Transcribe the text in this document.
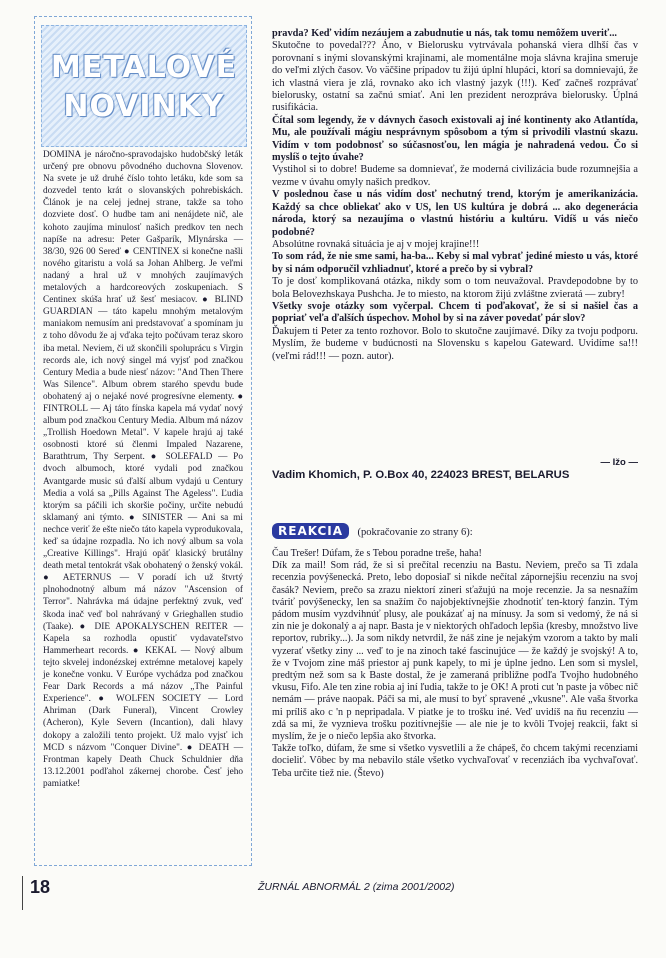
METALOVÉ
NOVINKY
DOMINA je náročno-spravodajsko hudobčský leták určený pre obnovu pôvodného duchovna Slovenov. Na svete je už druhé číslo tohto letáku, kde som sa dozvedel tento krát o slovanských pohrebiskách. Článok je na celej jednej strane, takže sa toho dozviete dosť. O hudbe tam ani nenájdete nič, ale kohoto zaujíma minulosť našich predkov ten nech napíše na adresu: Peter Gašparík, Mlynárska — 38/30, 926 00 Sereď ● CENTINEX si konečne našli nového gitaristu a volá sa Johan Ahlberg. Je veľmi nadaný a hral už v mnohých zaujímavých metalových a hardcoreových zoskupeniach. S Centinex skúša hrať už šesť mesiacov. ● BLIND GUARDIAN — táto kapelu mnohým metalovým maniakom nemusím ani predstavovať a spomínam ju z toho dôvodu že aj vďaka tejto počúvam teraz skoro iba metal. Neviem, či už skončili spoluprácu s Virgin records ale, ich nový singel má vyjsť pod značkou Century Media a bude niesť názov: "And Then There Was Silence". Album obrem starého spevdu bude obohatený aj o nejaké nové progresívne elementy. ● FINTROLL — Aj táto fínska kapela má vydať nový album pod značkou Century Media. Album má názov „Trollish Hoedown Metal". V kapele hrajú aj také osobnosti ktoré sú členmi Impaled Nazarene, Barathtrum, Thy Serpent. ● SOLEFALD — Po dvoch albumoch, ktoré vydali pod značkou Avantgarde music sú ďalší album vydajú u Century Media a volá sa „Pills Against The Ageless". Ľudia ktorým sa páčili ich skoršie počiny, určite nebudú sklamaný ani týmto. ● SINISTER — Ani sa mi nechce veriť že ešte niečo táto kapela vyprodukovala, keď sa údajne rozpadla. No ich nový album sa vola „Creative Killings". Hrajú opäť klasický brutálny death metal tentokrát však obohatený o ženský vokál. ● AETERNUS — V poradí ich už štvrtý plnohodnotný album má názov "Ascension of Terror". Nahrávka má údajne perfektný zvuk, veď škoda inač veď bol nahrávaný v Grieghallen studio (Taake). ● DIE APOKALYSCHEN REITER — Kapela sa rozhodla opustiť vydavateľstvo Hammerheart records. ● KEKAL — Nový album tejto skvelej indonézskej extrémne metalovej kapely je konečne vonku. V Európe vychádza pod značkou Fear Dark Records a má názov „The Painful Experience". ● WOLFEN SOCIETY — Lord Ahriman (Dark Funeral), Vincent Crowley (Acheron), Kyle Severn (Incantion), dali hlavy dokopy a založili tento projekt. Už malo vyjsť ich MCD s názvom "Conquer Divine". ● DEATH — Frontman kapely Death Chuck Schuldnier dňa 13.12.2001 podľahol zákernej chorobe. Česť jeho pamiatke!

pravda? Keď vidím nezáujem a zabudnutie u nás, tak tomu nemôžem uveriť...

Skutočne to povedal??? Áno, v Bielorusku vytrvávala pohanská viera dlhší čas v porovnaní s inými slovanskými krajinami, ale momentálne moja slávna krajina smeruje do veľmi zlých časov. Vo väčšine prípadov tu žijú úplní hlupáci, ktorí sa domnievajú, že ich vlastná viera je zlá, rovnako ako ich vlastný jazyk (!!!). Keď začneš rozprávať bielorusky, ostatní sa začnú smiať. Ani len prezident nerozpráva bielorusky. Úplná rusifikácia.

Čítal som legendy, že v dávnych časoch existovali aj iné kontinenty ako Atlantída, Mu, ale používali mágiu nesprávnym spôsobom a tým si privodili vlastnú skazu. Vidím v tom podobnosť so súčasnosťou, len mágia je nahradená vedou. Čo si myslíš o tejto úvahe?

Vystihol si to dobre! Budeme sa domnievať, že moderná civilizácia bude rozumnejšia a vezme v úvahu omyly našich predkov.

V poslednou čase u nás vidím dosť nechutný trend, ktorým je amerikanizácia. Každý sa chce obliekať ako v US, len US kultúra je dobrá ... ako degenerácia národa, ktorý sa nezaujíma o vlastnú históriu a kultúru. Vidíš u vás niečo podobné?

Absolútne rovnaká situácia je aj v mojej krajine!!!

To som rád, že nie sme sami, ha-ba... Keby si mal vybrať jediné miesto u vás, ktoré by si nám odporučil vzhliadnuť, ktoré a prečo by si vybral?

To je dosť komplikovaná otázka, nikdy som o tom neuvažoval. Pravdepodobne by to bola Belovezhskaya Pushcha. Je to miesto, na ktorom žijú zvláštne zvieratá — zubry!

Všetky svoje otázky som vyčerpal. Chcem ti poďakovať, že si si našiel čas a popriať veľa ďalších úspechov. Mohol by si na záver povedať pár slov?

Ďakujem ti Peter za tento rozhovor. Bolo to skutočne zaujímavé. Díky za tvoju podporu. Myslím, že budeme v budúcnosti na Slovensku s kapelou Gateward. Uvidíme sa!!! (veľmi rád!!! — pozn. autor).

— Ižo —
Vadim Khomich, P. O.Box 40, 224023 BREST, BELARUS
REAKCIA (pokračovanie zo strany 6):

Čau Trešer! Dúfam, že s Tebou poradne treše, haha!

Dík za mail! Som rád, že si si prečítal recenziu na Bastu. Neviem, prečo sa Ti zdala recenzia povýšenecká. Preto, lebo doposiaľ si nikde nečítal zápornejšiu recenziu na svoj časák? Neviem, prečo sa zrazu niektorí zineri sťažujú na moje recenzie. Ja sa nesnažím tváriť povýšenecky, len sa snažím čo najobjektívnejšie zhodnotiť ten-ktorý fanzin. Tým pádom musím vyzdvihnúť plusy, ale poukázať aj na mínusy. Ja som si vedomý, že ná si zin nie je dokonalý a aj napr. Basta je v niektorých ohľadoch lepšia (kresby, množstvo live reportov, rubriky...). Ja som nikdy netvrdil, že náš zine je nejakým vzorom a takto by mali vyzerať všetky ziny ... veď to je na zinoch také fascinujúce — že každý je svojský! A to, že v Tvojom zine máš priestor aj punk kapely, to mi je úplne jedno. Len som si myslel, predtým než som sa k Baste dostal, že je zameraná približne podľa Tvojho hudobného vkusu, Fifo. Ale ten zine robia aj iní ľudia, takže to je OK! A proti cut 'n paste ja vôbec nič nemám — práve naopak. Páči sa mi, ale musí to byť spravené „vkusne". Ale vaša štvorka mi príliš ako c 'n p nepripadala. V piatke je to trošku iné. Veď uvidíš na ňu recenziu — zdá sa mi, že vyznieva trošku pozitívnejšie — ale nie je to kvôli Tvojej reakcii, fakt si myslím, že je o niečo lepšia ako štvorka.

Takže toľko, dúfam, že sme si všetko vysvetlili a že chápeš, čo chcem takými recenziami docieliť. Vôbec by ma nebavilo stále všetko vychvaľovať v recenziách iba vychvaľovať. Teba určite tiež nie. (Števo)

18	ŽURNÁL ABNORMÁL 2 (zima 2001/2002)
